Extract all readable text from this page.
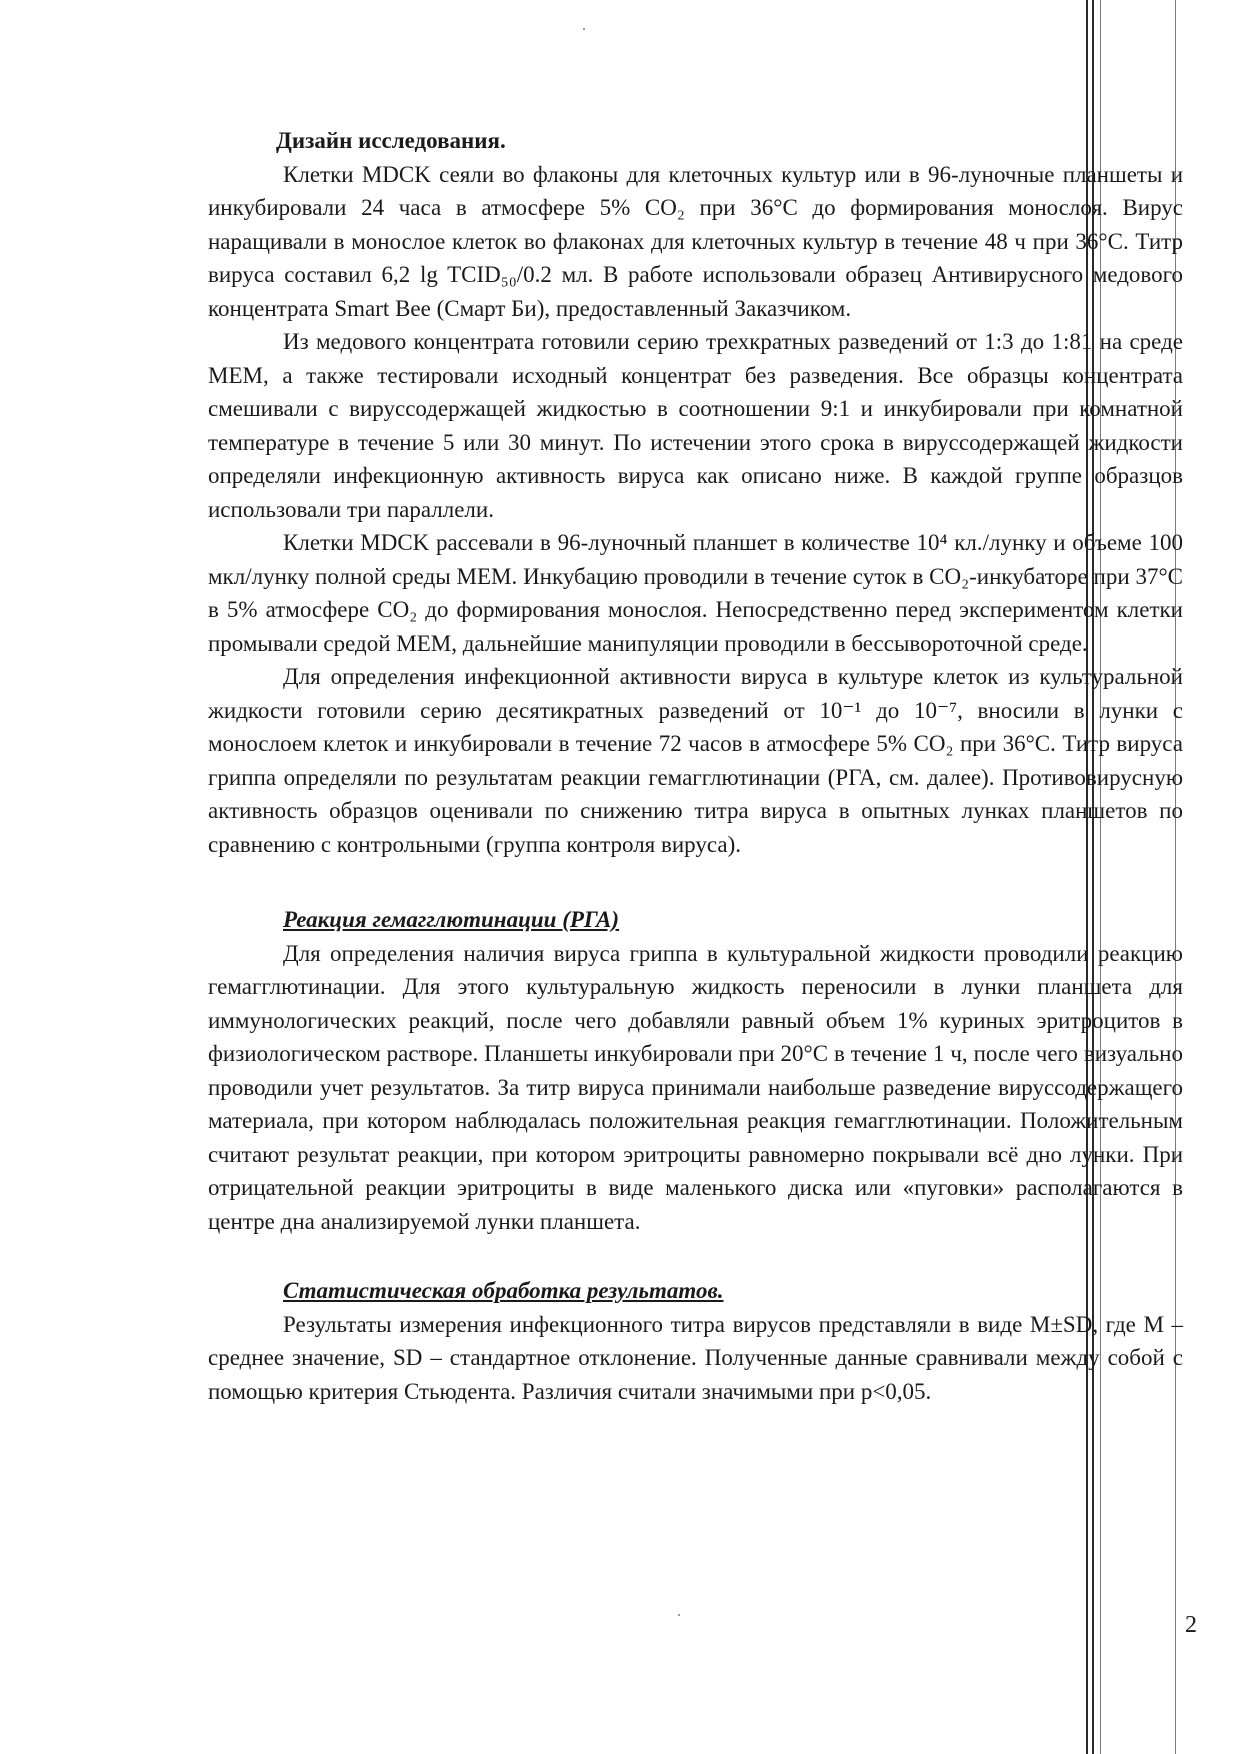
Дизайн исследования.

Клетки MDCK сеяли во флаконы для клеточных культур или в 96-луночные планшеты и инкубировали 24 часа в атмосфере 5% CO₂ при 36°C до формирования монослоя. Вирус наращивали в монослое клеток во флаконах для клеточных культур в течение 48 ч при 36°C. Титр вируса составил 6,2 lg TCID₅₀/0.2 мл. В работе использовали образец Антивирусного медового концентрата Smart Bee (Смарт Би), предоставленный Заказчиком.

Из медового концентрата готовили серию трехкратных разведений от 1:3 до 1:81 на среде МЕМ, а также тестировали исходный концентрат без разведения. Все образцы концентрата смешивали с вируссодержащей жидкостью в соотношении 9:1 и инкубировали при комнатной температуре в течение 5 или 30 минут. По истечении этого срока в вируссодержащей жидкости определяли инфекционную активность вируса как описано ниже. В каждой группе образцов использовали три параллели.

Клетки MDCK рассевали в 96-луночный планшет в количестве 10⁴ кл./лунку и объеме 100 мкл/лунку полной среды МЕМ. Инкубацию проводили в течение суток в CO₂-инкубаторе при 37°C в 5% атмосфере CO₂ до формирования монослоя. Непосредственно перед экспериментом клетки промывали средой МЕМ, дальнейшие манипуляции проводили в бессывороточной среде.

Для определения инфекционной активности вируса в культуре клеток из культуральной жидкости готовили серию десятикратных разведений от 10⁻¹ до 10⁻⁷, вносили в лунки с монослоем клеток и инкубировали в течение 72 часов в атмосфере 5% CO₂ при 36°C. Титр вируса гриппа определяли по результатам реакции гемагглютинации (РГА, см. далее). Противовирусную активность образцов оценивали по снижению титра вируса в опытных лунках планшетов по сравнению с контрольными (группа контроля вируса).

Реакция гемагглютинации (РГА)

Для определения наличия вируса гриппа в культуральной жидкости проводили реакцию гемагглютинации. Для этого культуральную жидкость переносили в лунки планшета для иммунологических реакций, после чего добавляли равный объем 1% куриных эритроцитов в физиологическом растворе. Планшеты инкубировали при 20°C в течение 1 ч, после чего визуально проводили учет результатов. За титр вируса принимали наибольше разведение вируссодержащего материала, при котором наблюдалась положительная реакция гемагглютинации. Положительным считают результат реакции, при котором эритроциты равномерно покрывали всё дно лунки. При отрицательной реакции эритроциты в виде маленького диска или «пуговки» располагаются в центре дна анализируемой лунки планшета.

Статистическая обработка результатов.

Результаты измерения инфекционного титра вирусов представляли в виде M±SD, где M – среднее значение, SD – стандартное отклонение. Полученные данные сравнивали между собой с помощью критерия Стьюдента. Различия считали значимыми при p<0,05.

2
